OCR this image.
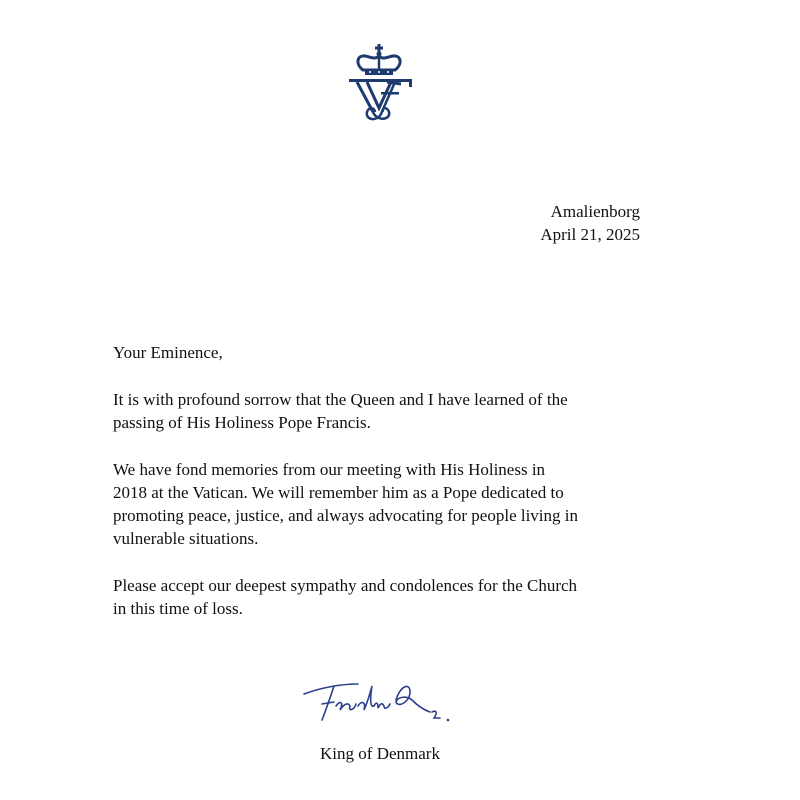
Amalienborg
April 21, 2025

Your Eminence,

It is with profound sorrow that the Queen and I have learned of the
passing of His Holiness Pope Francis.

We have fond memories from our meeting with His Holiness in
2018 at the Vatican. We will remember him as a Pope dedicated to
promoting peace, justice, and always advocating for people living in
vulnerable situations.

Please accept our deepest sympathy and condolences for the Church
in this time of loss.

King of Denmark
